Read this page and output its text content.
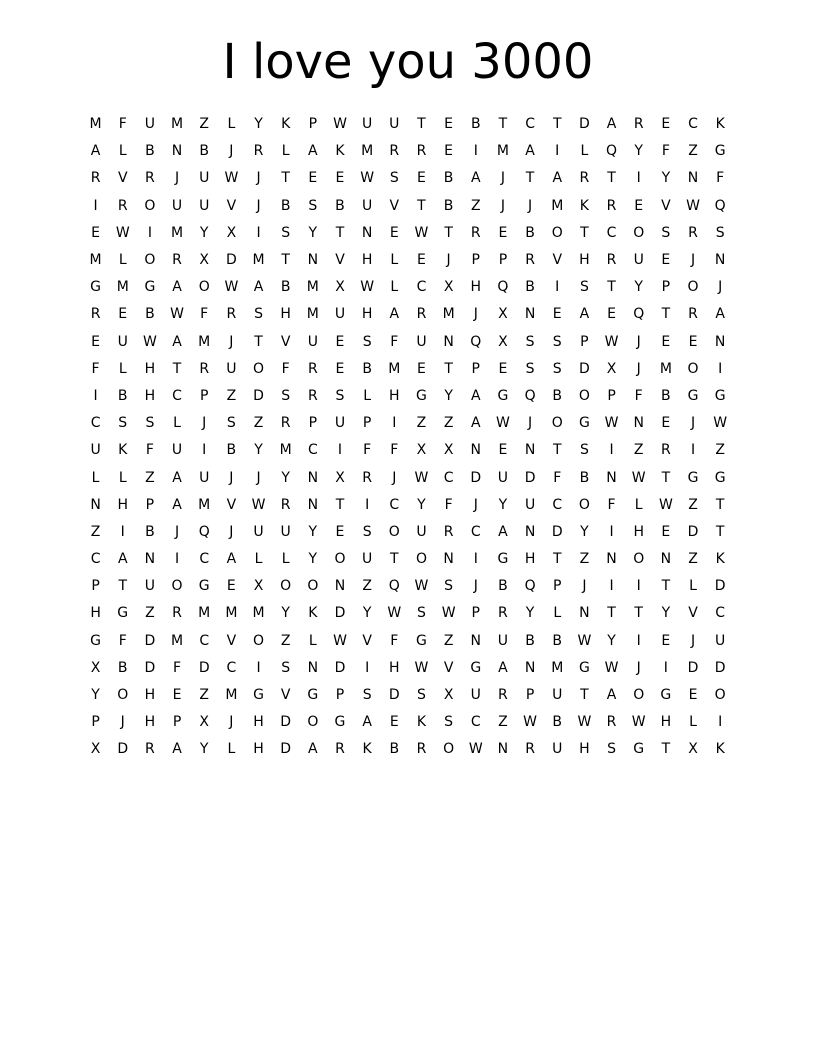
I love you 3000
M	F	U	M	Z	L	Y	K	P	W	U	U	T	E	B	T	C	T	D	A	R	E	C	K
A	L	B	N	B	J	R	L	A	K	M	R	R	E	I	M	A	I	L	Q	Y	F	Z	G
R	V	R	J	U	W	J	T	E	E	W	S	E	B	A	J	T	A	R	T	I	Y	N	F
I	R	O	U	U	V	J	B	S	B	U	V	T	B	Z	J	J	M	K	R	E	V	W	Q
E	W	I	M	Y	X	I	S	Y	T	N	E	W	T	R	E	B	O	T	C	O	S	R	S
M	L	O	R	X	D	M	T	N	V	H	L	E	J	P	P	R	V	H	R	U	E	J	N
G	M	G	A	O	W	A	B	M	X	W	L	C	X	H	Q	B	I	S	T	Y	P	O	J
R	E	B	W	F	R	S	H	M	U	H	A	R	M	J	X	N	E	A	E	Q	T	R	A
E	U	W	A	M	J	T	V	U	E	S	F	U	N	Q	X	S	S	P	W	J	E	E	N
F	L	H	T	R	U	O	F	R	E	B	M	E	T	P	E	S	S	D	X	J	M	O	I
I	B	H	C	P	Z	D	S	R	S	L	H	G	Y	A	G	Q	B	O	P	F	B	G	G
C	S	S	L	J	S	Z	R	P	U	P	I	Z	Z	A	W	J	O	G	W	N	E	J	W
U	K	F	U	I	B	Y	M	C	I	F	F	X	X	N	E	N	T	S	I	Z	R	I	Z
L	L	Z	A	U	J	J	Y	N	X	R	J	W	C	D	U	D	F	B	N	W	T	G	G
N	H	P	A	M	V	W	R	N	T	I	C	Y	F	J	Y	U	C	O	F	L	W	Z	T
Z	I	B	J	Q	J	U	U	Y	E	S	O	U	R	C	A	N	D	Y	I	H	E	D	T
C	A	N	I	C	A	L	L	Y	O	U	T	O	N	I	G	H	T	Z	N	O	N	Z	K
P	T	U	O	G	E	X	O	O	N	Z	Q	W	S	J	B	Q	P	J	I	I	T	L	D
H	G	Z	R	M	M	M	Y	K	D	Y	W	S	W	P	R	Y	L	N	T	T	Y	V	C
G	F	D	M	C	V	O	Z	L	W	V	F	G	Z	N	U	B	B	W	Y	I	E	J	U
X	B	D	F	D	C	I	S	N	D	I	H	W	V	G	A	N	M	G	W	J	I	D	D
Y	O	H	E	Z	M	G	V	G	P	S	D	S	X	U	R	P	U	T	A	O	G	E	O
P	J	H	P	X	J	H	D	O	G	A	E	K	S	C	Z	W	B	W	R	W	H	L	I
X	D	R	A	Y	L	H	D	A	R	K	B	R	O	W	N	R	U	H	S	G	T	X	K
